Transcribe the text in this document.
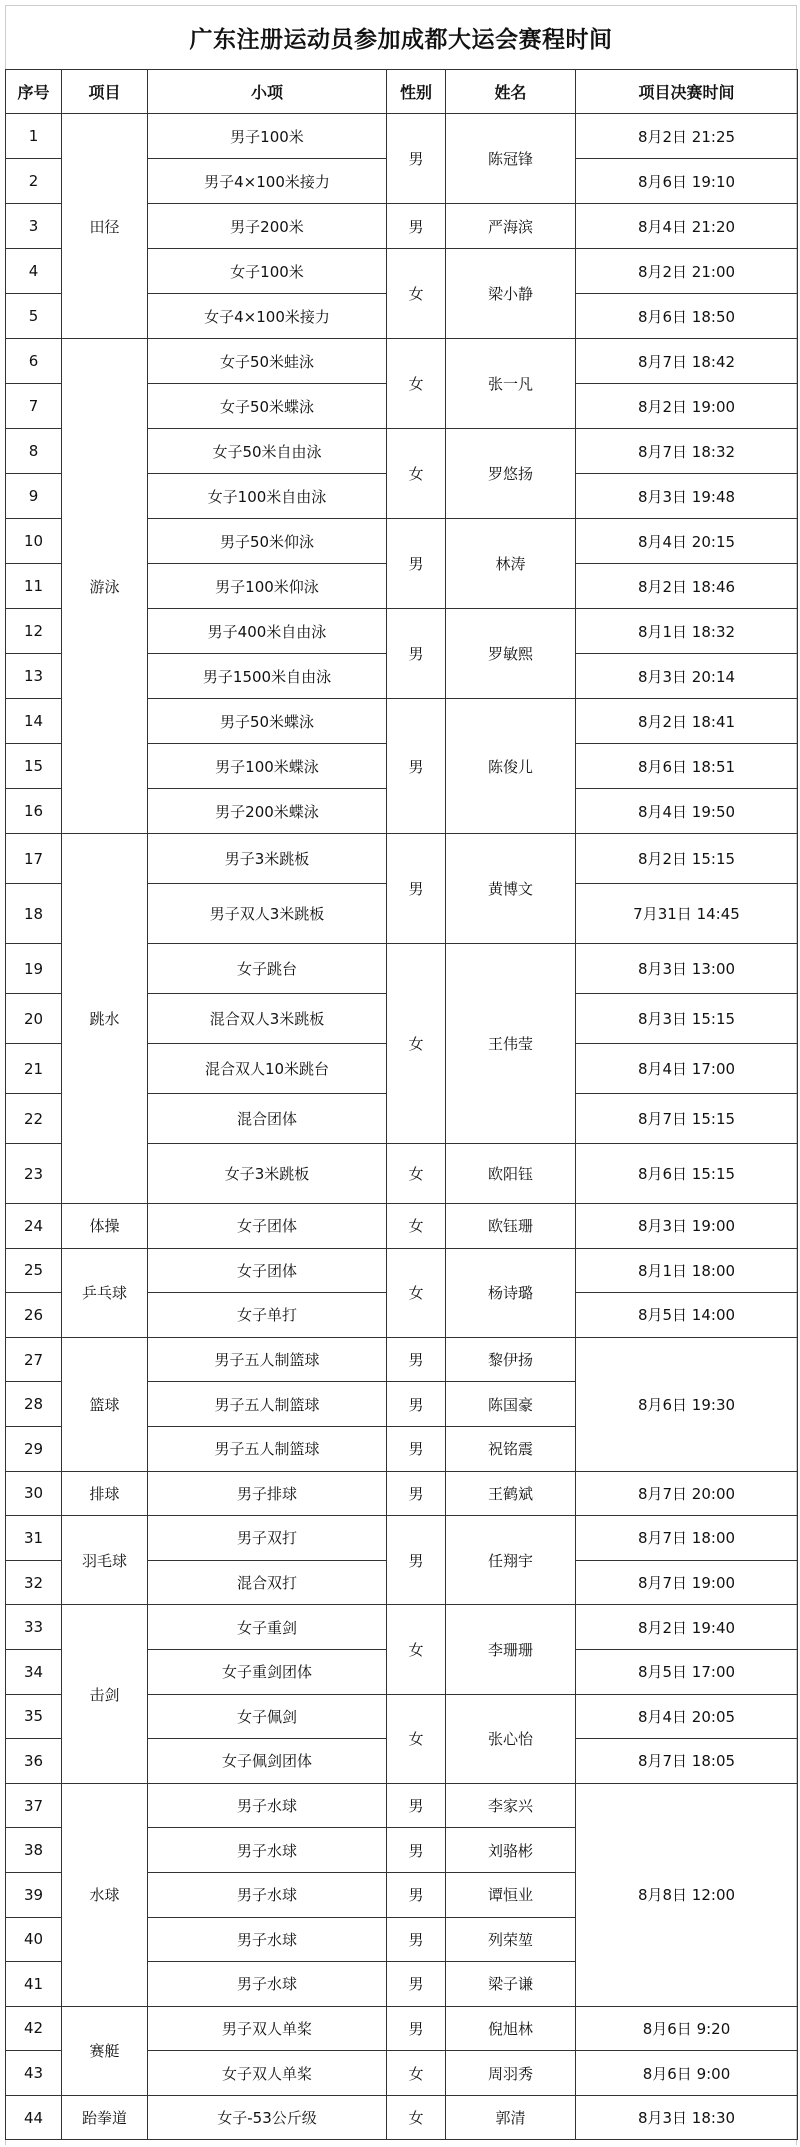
广东注册运动员参加成都大运会赛程时间
序号	项目	小项	性别	姓名	项目决赛时间
1	田径	男子100米	男	陈冠锋	8月2日 21:25
2		男子4×100米接力			8月6日 19:10
3		男子200米	男	严海滨	8月4日 21:20
4		女子100米	女	梁小静	8月2日 21:00
5		女子4×100米接力			8月6日 18:50
6	游泳	女子50米蛙泳	女	张一凡	8月7日 18:42
7		女子50米蝶泳			8月2日 19:00
8		女子50米自由泳	女	罗悠扬	8月7日 18:32
9		女子100米自由泳			8月3日 19:48
10		男子50米仰泳	男	林涛	8月4日 20:15
11		男子100米仰泳			8月2日 18:46
12		男子400米自由泳	男	罗敏熙	8月1日 18:32
13		男子1500米自由泳			8月3日 20:14
14		男子50米蝶泳	男	陈俊儿	8月2日 18:41
15		男子100米蝶泳			8月6日 18:51
16		男子200米蝶泳			8月4日 19:50
17	跳水	男子3米跳板	男	黄博文	8月2日 15:15
18		男子双人3米跳板			7月31日 14:45
19		女子跳台	女	王伟莹	8月3日 13:00
20		混合双人3米跳板			8月3日 15:15
21		混合双人10米跳台			8月4日 17:00
22		混合团体			8月7日 15:15
23		女子3米跳板	女	欧阳钰	8月6日 15:15
24	体操	女子团体	女	欧钰珊	8月3日 19:00
25	乒乓球	女子团体	女	杨诗璐	8月1日 18:00
26		女子单打			8月5日 14:00
27	篮球	男子五人制篮球	男	黎伊扬	8月6日 19:30
28		男子五人制篮球	男	陈国豪	
29		男子五人制篮球	男	祝铭震	
30	排球	男子排球	男	王鹤斌	8月7日 20:00
31	羽毛球	男子双打	男	任翔宇	8月7日 18:00
32		混合双打			8月7日 19:00
33	击剑	女子重剑	女	李珊珊	8月2日 19:40
34		女子重剑团体			8月5日 17:00
35		女子佩剑	女	张心怡	8月4日 20:05
36		女子佩剑团体			8月7日 18:05
37	水球	男子水球	男	李家兴	8月8日 12:00
38		男子水球	男	刘骆彬	
39		男子水球	男	谭恒业	
40		男子水球	男	列荣堃	
41		男子水球	男	梁子谦	
42	赛艇	男子双人单桨	男	倪旭林	8月6日 9:20
43		女子双人单桨	女	周羽秀	8月6日 9:00
44	跆拳道	女子-53公斤级	女	郭清	8月3日 18:30
